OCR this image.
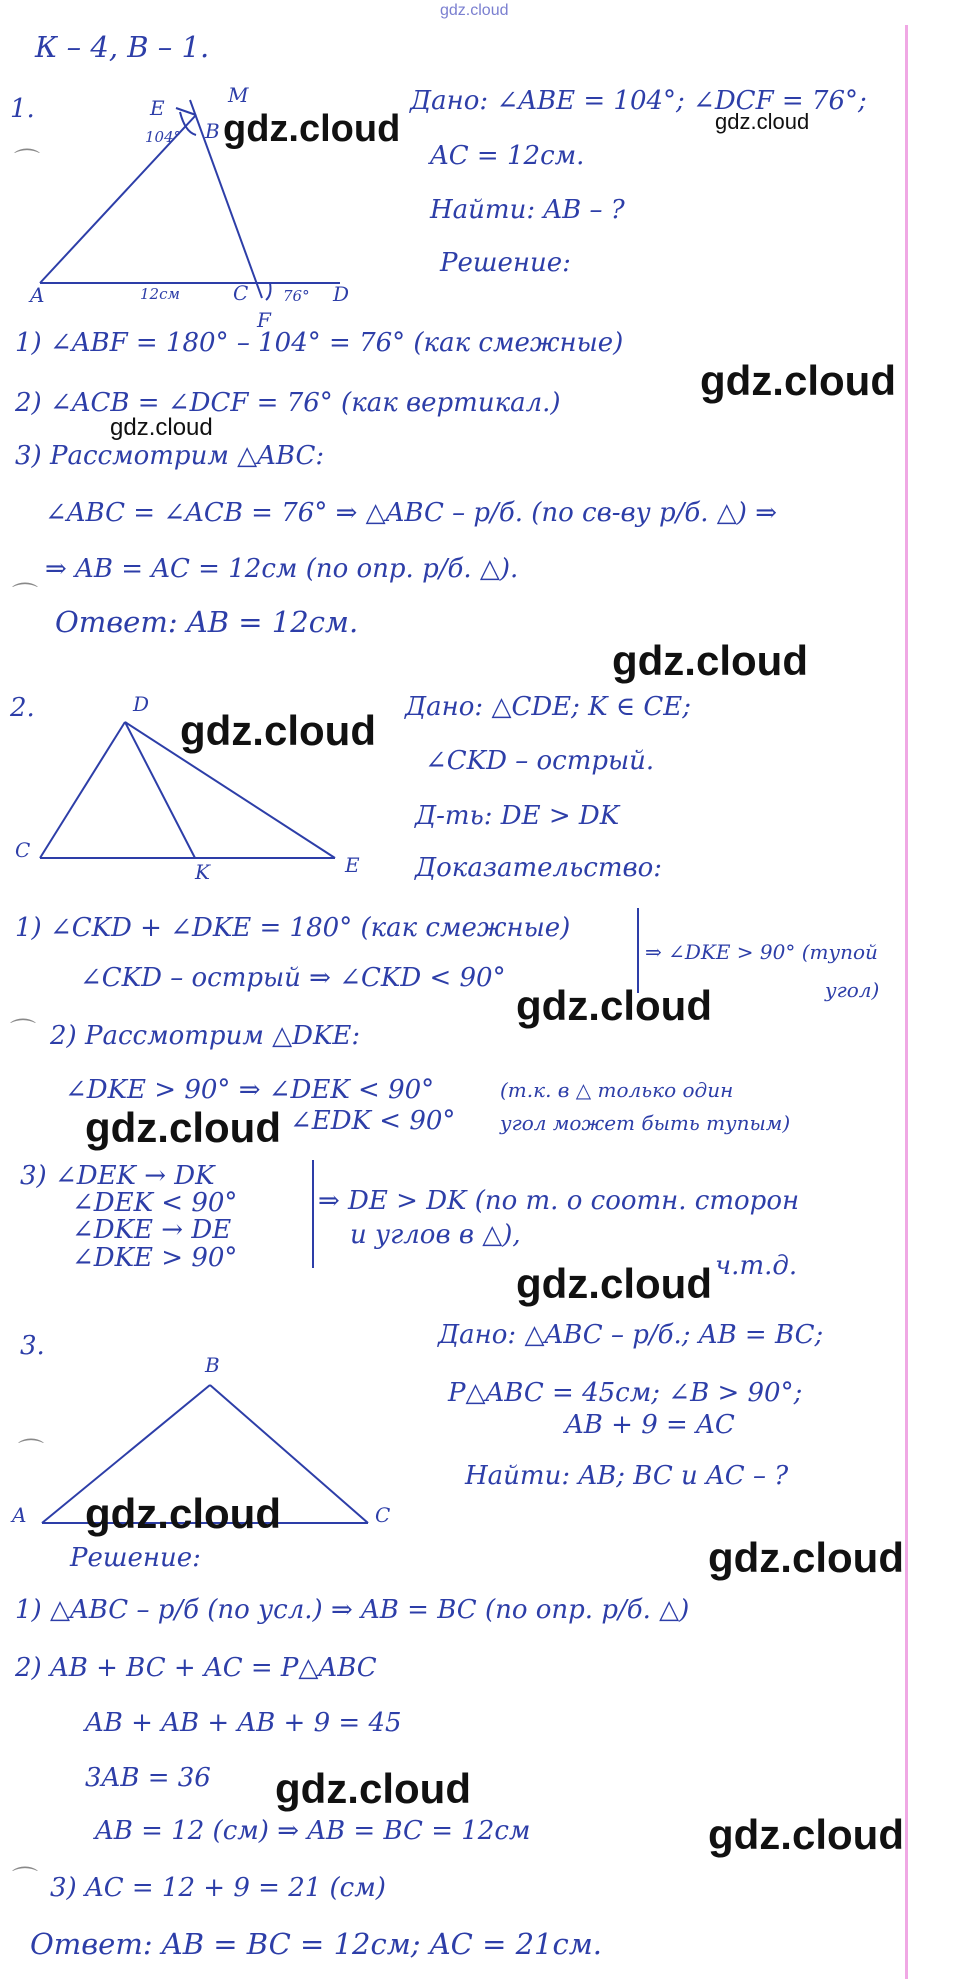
gdz.cloud
К – 4, В – 1.
1.
⌒
E
M
B
104°
A	12см	C
F
76° D
Дано: ∠ABE = 104°; ∠DCF = 76°;
AC = 12см.
Найти: AB – ?
Решение:
1) ∠ABF = 180° – 104° = 76° (как смежные)
2) ∠ACB = ∠DCF = 76° (как вертикал.)
3) Рассмотрим △ABC:
∠ABC = ∠ACB = 76° ⇒ △ABC – р/б. (по св-ву р/б. △) ⇒
⇒ AB = AC = 12см (по опр. р/б. △).
⌒
Ответ: AB = 12см.
2.	D
C
K	E
Дано: △CDE; K ∈ CE;
∠CKD – острый.
Д-ть: DE > DK
Доказательство:
1) ∠CKD + ∠DKE = 180° (как смежные)
∠CKD – острый ⇒ ∠CKD < 90°
⇒ ∠DKE > 90° (тупой
угол)
⌒ 2) Рассмотрим △DKE:
∠DKE > 90° ⇒ ∠DEK < 90°
∠EDK < 90°
(т.к. в △ только один
угол может быть тупым)
3) ∠DEK → DK
∠DEK < 90°
∠DKE → DE
∠DKE > 90°
⇒ DE > DK (по т. о соотн. сторон
и углов в △),
ч.т.д.
3.
B
A	C
⌒
Дано: △ABC – р/б.; AB = BC;
P△ABC = 45см; ∠B > 90°;
AB + 9 = AC
Найти: AB; BC и AC – ?
Решение:
1) △ABC – р/б (по усл.) ⇒ AB = BC (по опр. р/б. △)
2) AB + BC + AC = P△ABC
AB + AB + AB + 9 = 45
3AB = 36
AB = 12 (см) ⇒ AB = BC = 12см
⌒ 3) AC = 12 + 9 = 21 (см)
Ответ: AB = BC = 12см; AC = 21см.
gdz.cloud	gdz.cloud
gdz.cloud
gdz.cloud
gdz.cloud
gdz.cloud
gdz.cloud
gdz.cloud
gdz.cloud
gdz.cloud
gdz.cloud
gdz.cloud
gdz.cloud
